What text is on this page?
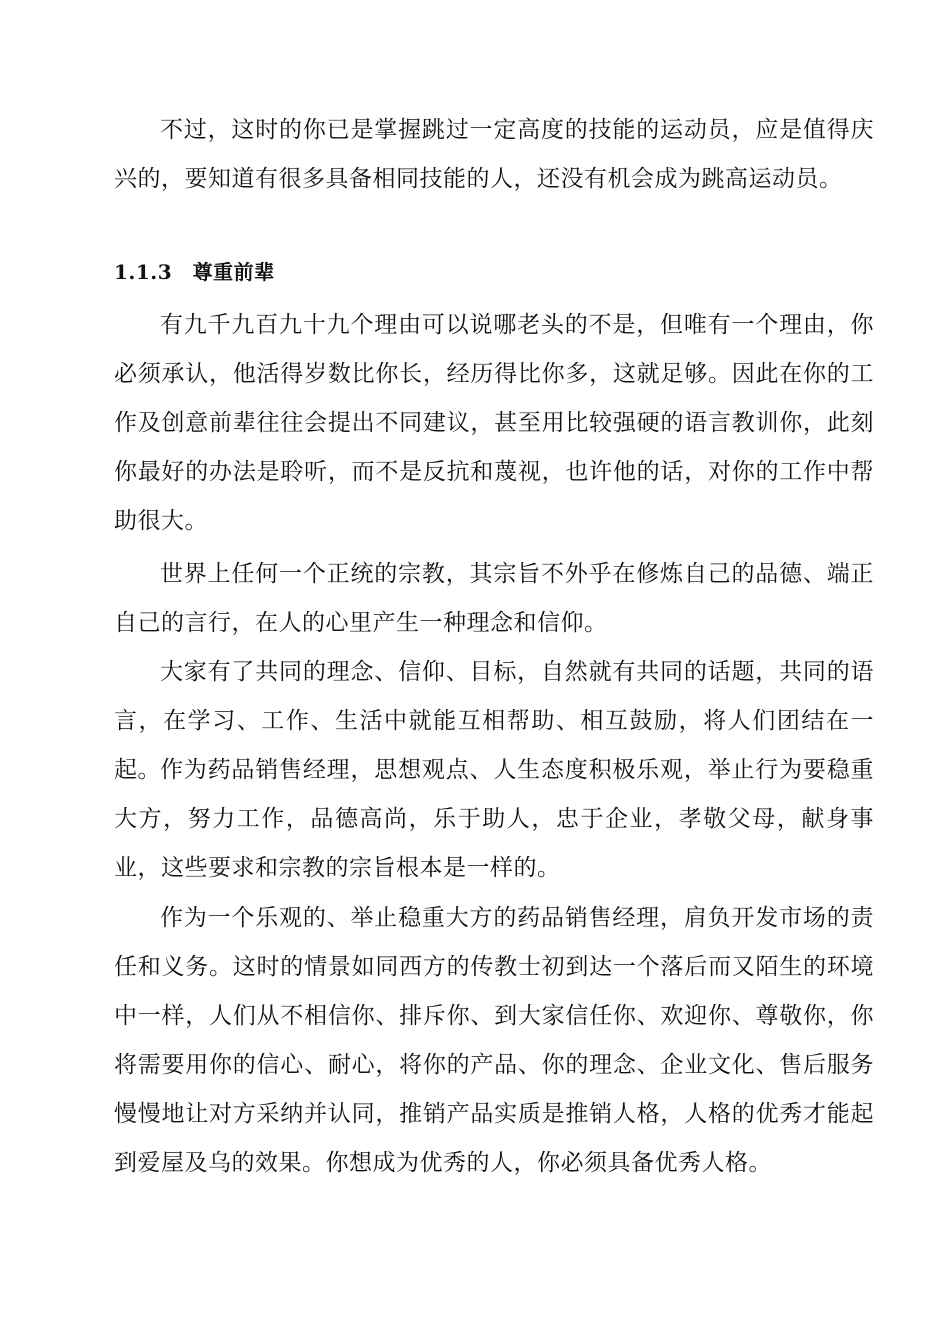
不过，这时的你已是掌握跳过一定高度的技能的运动员，应是值得庆兴的，要知道有很多具备相同技能的人，还没有机会成为跳高运动员。

1.1.3　尊重前辈

有九千九百九十九个理由可以说哪老头的不是，但唯有一个理由，你必须承认，他活得岁数比你长，经历得比你多，这就足够。因此在你的工作及创意前辈往往会提出不同建议，甚至用比较强硬的语言教训你，此刻你最好的办法是聆听，而不是反抗和蔑视，也许他的话，对你的工作中帮助很大。

世界上任何一个正统的宗教，其宗旨不外乎在修炼自己的品德、端正自己的言行，在人的心里产生一种理念和信仰。

大家有了共同的理念、信仰、目标，自然就有共同的话题，共同的语言，在学习、工作、生活中就能互相帮助、相互鼓励，将人们团结在一起。 作为药品销售经理，思想观点、人生态度积极乐观，举止行为要稳重大方，努力工作，品德高尚，乐于助人，忠于企业，孝敬父母，献身事业，这些要求和宗教的宗旨根本是一样的。

作为一个乐观的、举止稳重大方的药品销售经理，肩负开发市场的责任和义务。这时的情景如同西方的传教士初到达一个落后而又陌生的环境中一样，人们从不相信你、排斥你、到大家信任你、欢迎你、尊敬你，你将需要用你的信心、耐心，将你的产品、你的理念、企业文化、售后服务慢慢地让对方采纳并认同，推销产品实质是推销人格，人格的优秀才能起到爱屋及乌的效果。你想成为优秀的人，你必须具备优秀人格。
